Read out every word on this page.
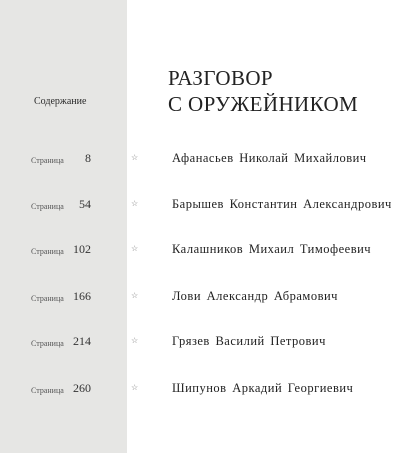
РАЗГОВОР
С ОРУЖЕЙНИКОМ
Содержание
Страница 8	☆	Афанасьев Николай Михайлович
Страница 54	☆	Барышев Константин Александрович
Страница 102	☆	Калашников Михаил Тимофеевич
Страница 166	☆	Лови Александр Абрамович
Страница 214	☆	Грязев Василий Петрович
Страница 260	☆	Шипунов Аркадий Георгиевич
